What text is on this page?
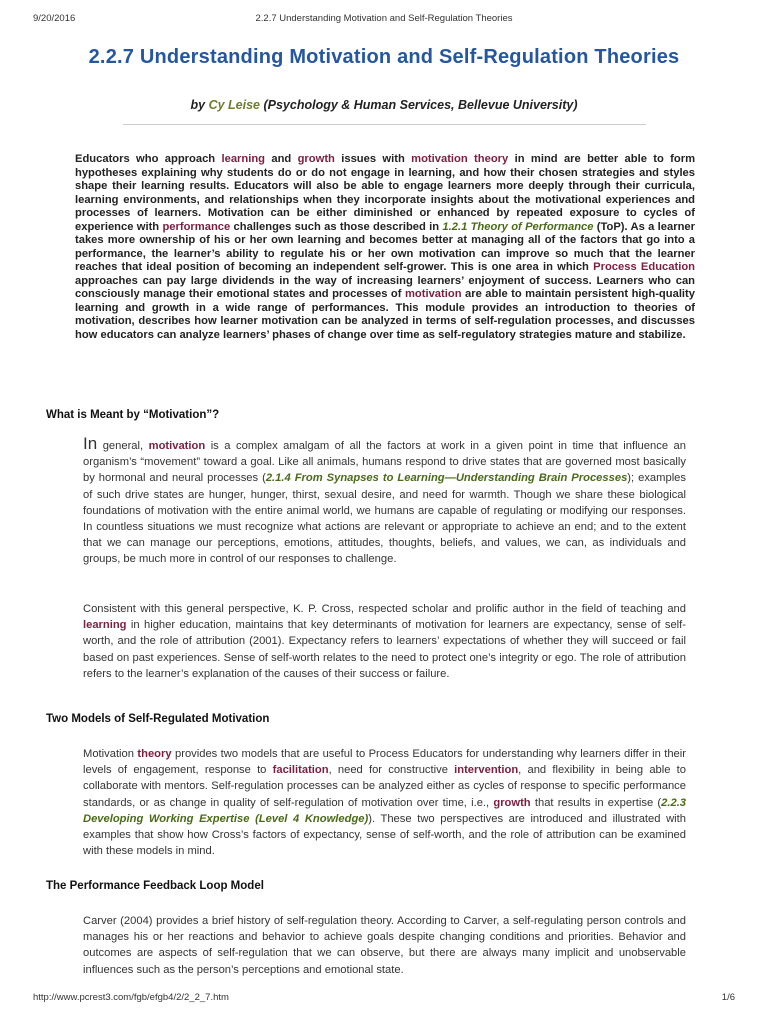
9/20/2016	2.2.7 Understanding Motivation and Self-Regulation Theories
2.2.7 Understanding Motivation and Self-Regulation Theories
by Cy Leise (Psychology & Human Services, Bellevue University)

Educators who approach learning and growth issues with motivation theory in mind are better able to form hypotheses explaining why students do or do not engage in learning, and how their chosen strategies and styles shape their learning results. Educators will also be able to engage learners more deeply through their curricula, learning environments, and relationships when they incorporate insights about the motivational experiences and processes of learners. Motivation can be either diminished or enhanced by repeated exposure to cycles of experience with performance challenges such as those described in 1.2.1 Theory of Performance (ToP). As a learner takes more ownership of his or her own learning and becomes better at managing all of the factors that go into a performance, the learner’s ability to regulate his or her own motivation can improve so much that the learner reaches that ideal position of becoming an independent self-grower. This is one area in which Process Education approaches can pay large dividends in the way of increasing learners’ enjoyment of success. Learners who can consciously manage their emotional states and processes of motivation are able to maintain persistent high-quality learning and growth in a wide range of performances. This module provides an introduction to theories of motivation, describes how learner motivation can be analyzed in terms of self-regulation processes, and discusses how educators can analyze learners’ phases of change over time as self-regulatory strategies mature and stabilize.

What is Meant by “Motivation”?

In general, motivation is a complex amalgam of all the factors at work in a given point in time that influence an organism’s “movement” toward a goal. Like all animals, humans respond to drive states that are governed most basically by hormonal and neural processes (2.1.4 From Synapses to Learning—Understanding Brain Processes); examples of such drive states are hunger, hunger, thirst, sexual desire, and need for warmth. Though we share these biological foundations of motivation with the entire animal world, we humans are capable of regulating or modifying our responses. In countless situations we must recognize what actions are relevant or appropriate to achieve an end; and to the extent that we can manage our perceptions, emotions, attitudes, thoughts, beliefs, and values, we can, as individuals and groups, be much more in control of our responses to challenge.

Consistent with this general perspective, K. P. Cross, respected scholar and prolific author in the field of teaching and learning in higher education, maintains that key determinants of motivation for learners are expectancy, sense of self-worth, and the role of attribution (2001). Expectancy refers to learners’ expectations of whether they will succeed or fail based on past experiences. Sense of self-worth relates to the need to protect one’s integrity or ego. The role of attribution refers to the learner’s explanation of the causes of their success or failure.

Two Models of Self-Regulated Motivation

Motivation theory provides two models that are useful to Process Educators for understanding why learners differ in their levels of engagement, response to facilitation, need for constructive intervention, and flexibility in being able to collaborate with mentors. Self-regulation processes can be analyzed either as cycles of response to specific performance standards, or as change in quality of self-regulation of motivation over time, i.e., growth that results in expertise (2.2.3 Developing Working Expertise (Level 4 Knowledge)). These two perspectives are introduced and illustrated with examples that show how Cross’s factors of expectancy, sense of self-worth, and the role of attribution can be examined with these models in mind.

The Performance Feedback Loop Model

Carver (2004) provides a brief history of self-regulation theory. According to Carver, a self-regulating person controls and manages his or her reactions and behavior to achieve goals despite changing conditions and priorities. Behavior and outcomes are aspects of self-regulation that we can observe, but there are always many implicit and unobservable influences such as the person’s perceptions and emotional state.

http://www.pcrest3.com/fgb/efgb4/2/2_2_7.htm	1/6
